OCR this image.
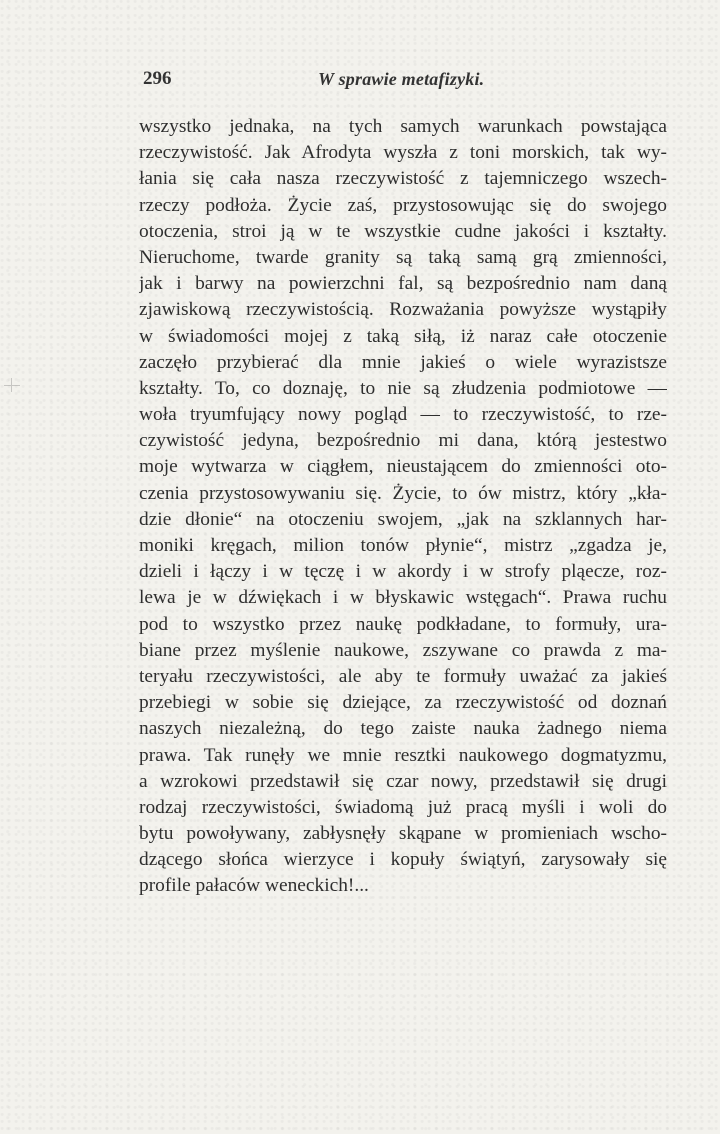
296	W sprawie metafizyki.
wszystko jednaka, na tych samych warunkach powstająca
rzeczywistość. Jak Afrodyta wyszła z toni morskich, tak wy-
łania się cała nasza rzeczywistość z tajemniczego wszech-
rzeczy podłoża. Życie zaś, przystosowując się do swojego
otoczenia, stroi ją w te wszystkie cudne jakości i kształty.
Nieruchome, twarde granity są taką samą grą zmienności,
jak i barwy na powierzchni fal, są bezpośrednio nam daną
zjawiskową rzeczywistością. Rozważania powyższe wystąpiły
w świadomości mojej z taką siłą, iż naraz całe otoczenie
zaczęło przybierać dla mnie jakieś o wiele wyrazistsze
kształty. To, co doznaję, to nie są złudzenia podmiotowe —
woła tryumfujący nowy pogląd — to rzeczywistość, to rze-
czywistość jedyna, bezpośrednio mi dana, którą jestestwo
moje wytwarza w ciągłem, nieustającem do zmienności oto-
czenia przystosowywaniu się. Życie, to ów mistrz, który „kła-
dzie dłonie“ na otoczeniu swojem, „jak na szklannych har-
moniki kręgach, milion tonów płynie“, mistrz „zgadza je,
dzieli i łączy i w tęczę i w akordy i w strofy pląecze, roz-
lewa je w dźwiękach i w błyskawic wstęgach“. Prawa ruchu
pod to wszystko przez naukę podkładane, to formuły, ura-
biane przez myślenie naukowe, zszywane co prawda z ma-
teryału rzeczywistości, ale aby te formuły uważać za jakieś
przebiegi w sobie się dziejące, za rzeczywistość od doznań
naszych niezależną, do tego zaiste nauka żadnego niema
prawa. Tak runęły we mnie resztki naukowego dogmatyzmu,
a wzrokowi przedstawił się czar nowy, przedstawił się drugi
rodzaj rzeczywistości, świadomą już pracą myśli i woli do
bytu powoływany, zabłysnęły skąpane w promieniach wscho-
dzącego słońca wierzyce i kopuły świątyń, zarysowały się
profile pałaców weneckich!...
